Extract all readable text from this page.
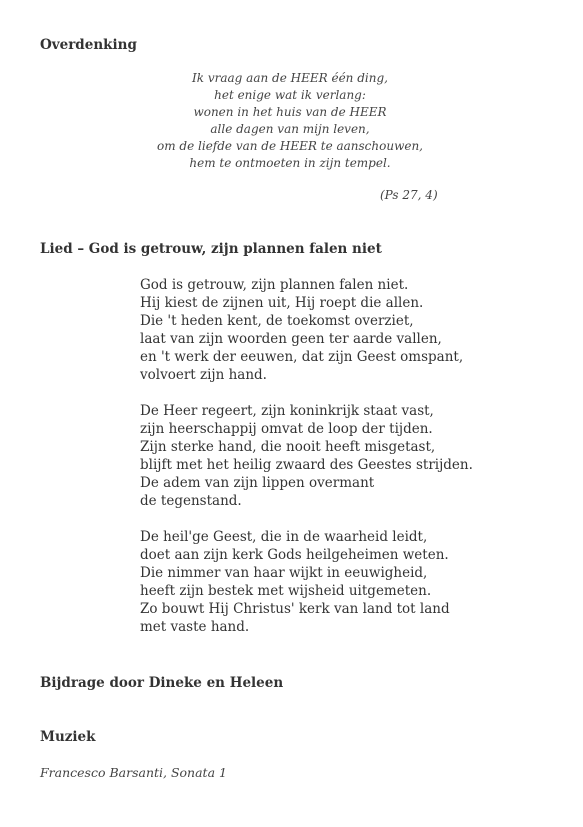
Overdenking
Ik vraag aan de HEER één ding,
het enige wat ik verlang:
wonen in het huis van de HEER
alle dagen van mijn leven,
om de liefde van de HEER te aanschouwen,
hem te ontmoeten in zijn tempel.
(Ps 27, 4)
Lied – God is getrouw, zijn plannen falen niet
God is getrouw, zijn plannen falen niet.
Hij kiest de zijnen uit, Hij roept die allen.
Die 't heden kent, de toekomst overziet,
laat van zijn woorden geen ter aarde vallen,
en 't werk der eeuwen, dat zijn Geest omspant,
volvoert zijn hand.
De Heer regeert, zijn koninkrijk staat vast,
zijn heerschappij omvat de loop der tijden.
Zijn sterke hand, die nooit heeft misgetast,
blijft met het heilig zwaard des Geestes strijden.
De adem van zijn lippen overmant
de tegenstand.
De heil'ge Geest, die in de waarheid leidt,
doet aan zijn kerk Gods heilgeheimen weten.
Die nimmer van haar wijkt in eeuwigheid,
heeft zijn bestek met wijsheid uitgemeten.
Zo bouwt Hij Christus' kerk van land tot land
met vaste hand.
Bijdrage door Dineke en Heleen
Muziek
Francesco Barsanti, Sonata 1
